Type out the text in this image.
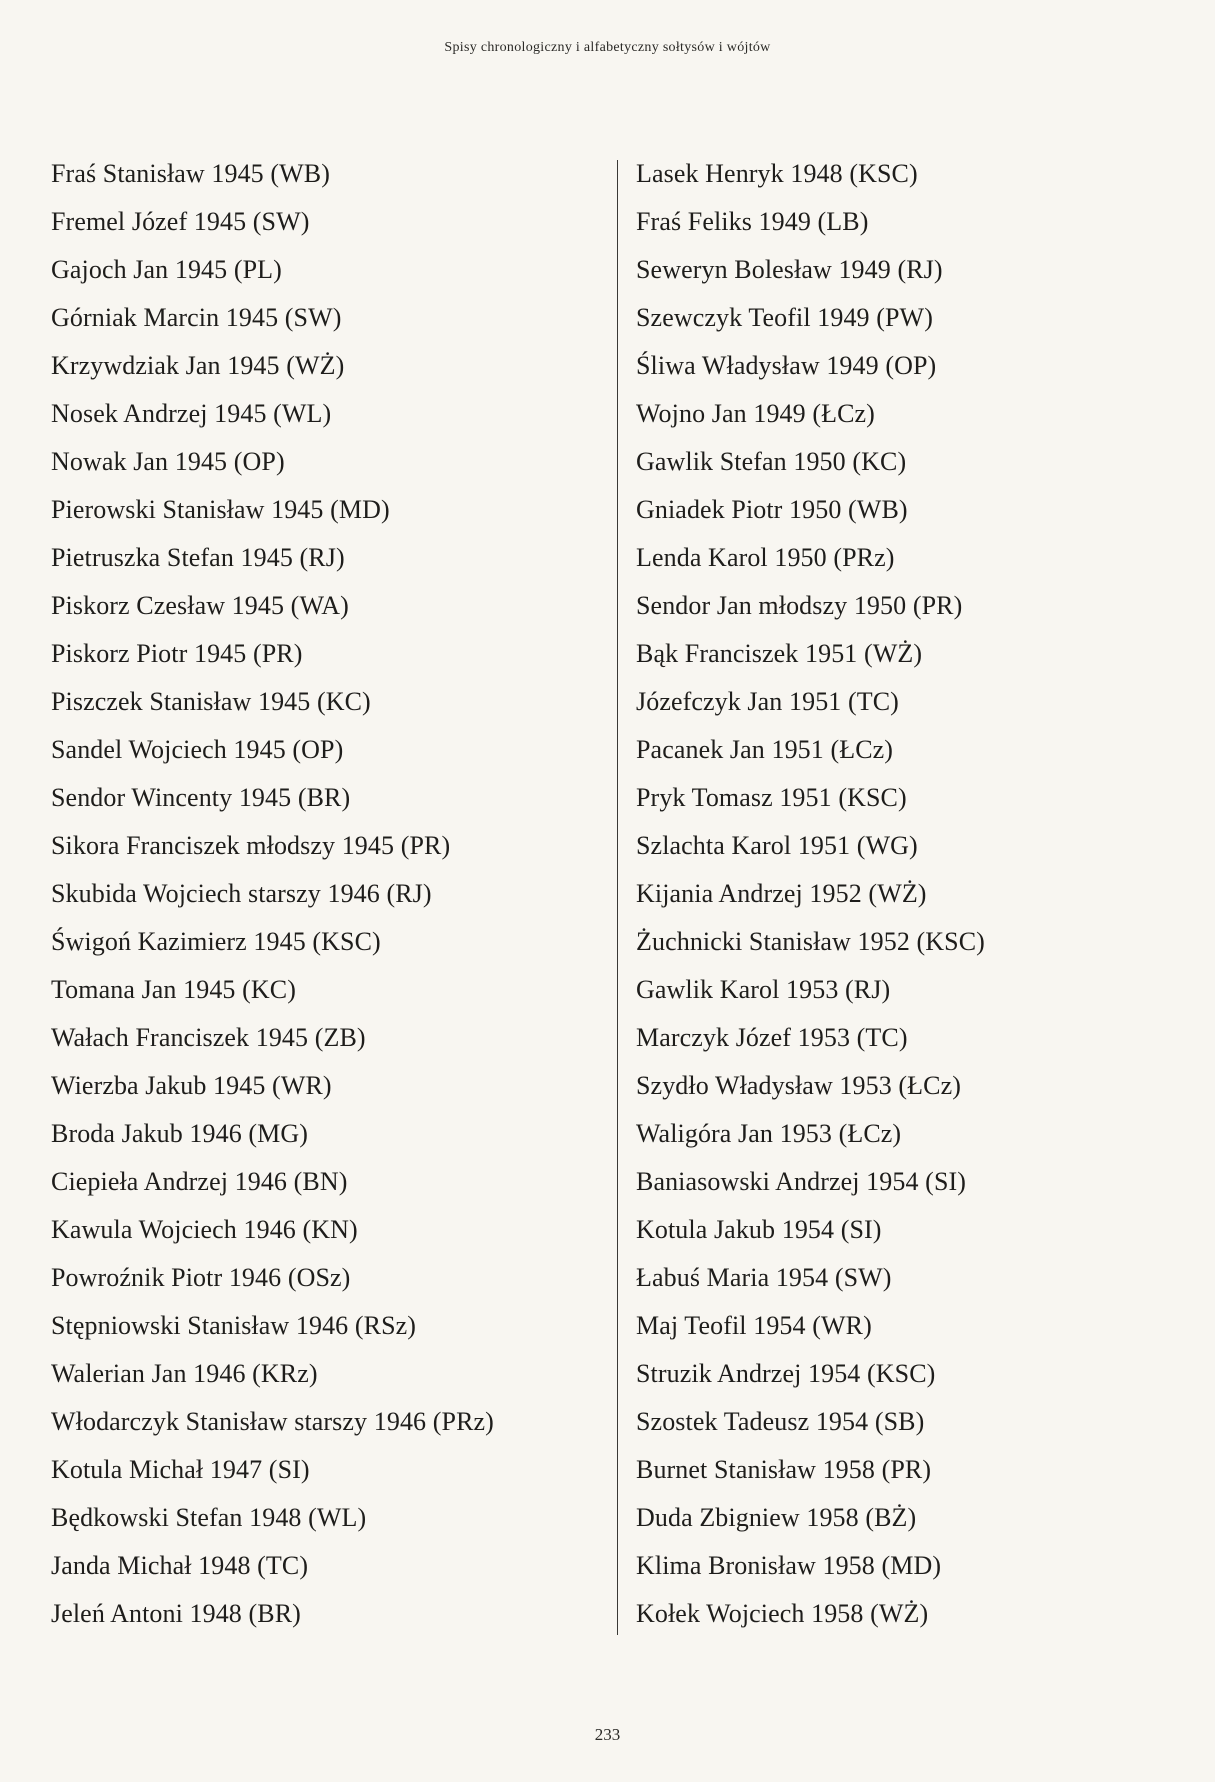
Spisy chronologiczny i alfabetyczny sołtysów i wójtów
Fraś Stanisław 1945 (WB)
Fremel Józef 1945 (SW)
Gajoch Jan 1945 (PL)
Górniak Marcin 1945 (SW)
Krzywdziak Jan 1945 (WŻ)
Nosek Andrzej 1945 (WL)
Nowak Jan 1945 (OP)
Pierowski Stanisław 1945 (MD)
Pietruszka Stefan 1945 (RJ)
Piskorz Czesław 1945 (WA)
Piskorz Piotr 1945 (PR)
Piszczek Stanisław 1945 (KC)
Sandel Wojciech 1945 (OP)
Sendor Wincenty 1945 (BR)
Sikora Franciszek młodszy 1945 (PR)
Skubida Wojciech starszy 1946 (RJ)
Świgoń Kazimierz 1945 (KSC)
Tomana Jan 1945 (KC)
Wałach Franciszek 1945 (ZB)
Wierzba Jakub 1945 (WR)
Broda Jakub 1946 (MG)
Ciepieła Andrzej 1946 (BN)
Kawula Wojciech 1946 (KN)
Powroźnik Piotr 1946 (OSz)
Stępniowski Stanisław 1946 (RSz)
Walerian Jan 1946 (KRz)
Włodarczyk Stanisław starszy 1946 (PRz)
Kotula Michał 1947 (SI)
Będkowski Stefan 1948 (WL)
Janda Michał 1948 (TC)
Jeleń Antoni 1948 (BR)
Lasek Henryk 1948 (KSC)
Fraś Feliks 1949 (LB)
Seweryn Bolesław 1949 (RJ)
Szewczyk Teofil 1949 (PW)
Śliwa Władysław 1949 (OP)
Wojno Jan 1949 (ŁCz)
Gawlik Stefan 1950 (KC)
Gniadek Piotr 1950 (WB)
Lenda Karol 1950 (PRz)
Sendor Jan młodszy 1950 (PR)
Bąk Franciszek 1951 (WŻ)
Józefczyk Jan 1951 (TC)
Pacanek Jan 1951 (ŁCz)
Pryk Tomasz 1951 (KSC)
Szlachta Karol 1951 (WG)
Kijania Andrzej 1952 (WŻ)
Żuchnicki Stanisław 1952 (KSC)
Gawlik Karol 1953 (RJ)
Marczyk Józef 1953 (TC)
Szydło Władysław 1953 (ŁCz)
Waligóra Jan 1953 (ŁCz)
Baniasowski Andrzej 1954 (SI)
Kotula Jakub 1954 (SI)
Łabuś Maria 1954 (SW)
Maj Teofil 1954 (WR)
Struzik Andrzej 1954 (KSC)
Szostek Tadeusz 1954 (SB)
Burnet Stanisław 1958 (PR)
Duda Zbigniew 1958 (BŻ)
Klima Bronisław 1958 (MD)
Kołek Wojciech 1958 (WŻ)
233
